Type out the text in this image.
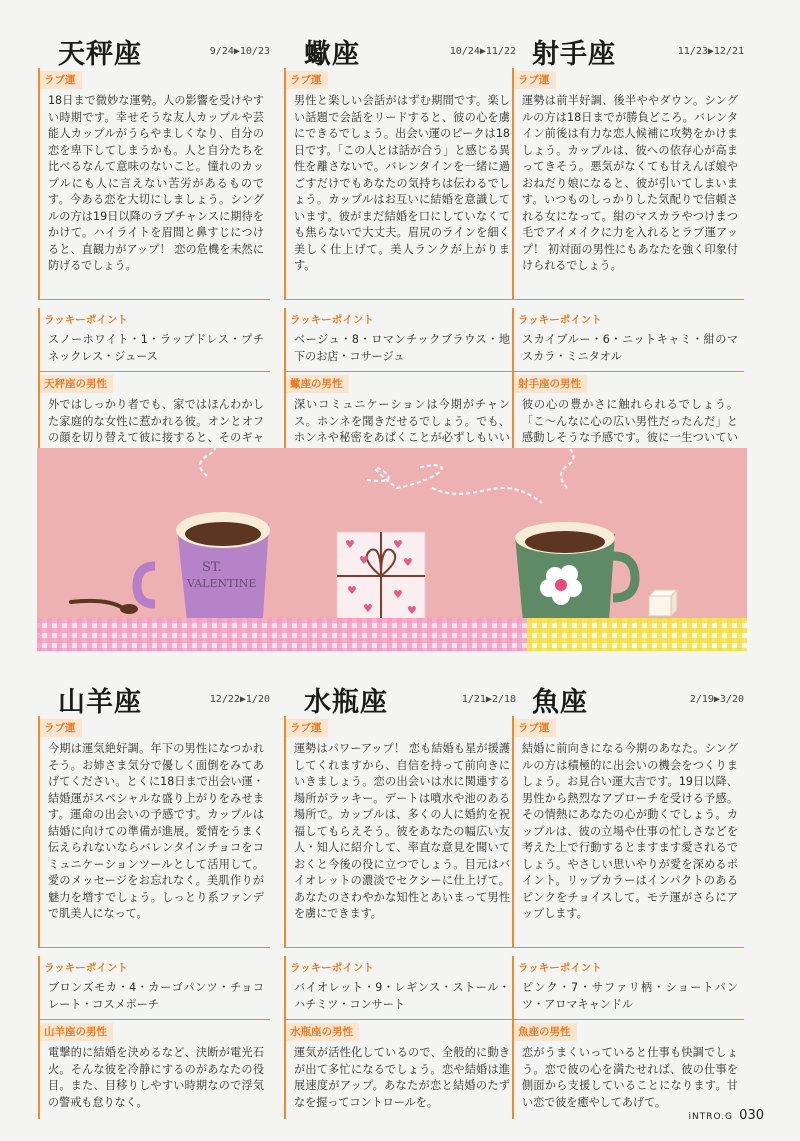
天秤座	9/24▶10/23
ラブ運
18日まで微妙な運勢。人の影響を受けやすい時期です。幸せそうな友人カップルや芸能人カップルがうらやましくなり、自分の恋を卑下してしまうかも。人と自分たちを比べるなんて意味のないこと。憧れのカップルにも人に言えない苦労があるものです。今ある恋を大切にしましょう。シングルの方は19日以降のラブチャンスに期待をかけて。ハイライトを眉間と鼻すじにつけると、直観力がアップ！ 恋の危機を未然に防げるでしょう。
ラッキーポイント
スノーホワイト・1・ラップドレス・プチネックレス・ジュース
天秤座の男性
外ではしっかり者でも、家ではほんわかした家庭的な女性に惹かれる彼。オンとオフの顔を切り替えて彼に接すると、そのギャ
蠍座	10/24▶11/22
ラブ運
男性と楽しい会話がはずむ期間です。楽しい話題で会話をリードすると、彼の心を虜にできるでしょう。出会い運のピークは18日です。「この人とは話が合う」と感じる異性を離さないで。バレンタインを一緒に過ごすだけでもあなたの気持ちは伝わるでしょう。カップルはお互いに結婚を意識しています。彼がまだ結婚を口にしていなくても焦らないで大丈夫。眉尻のラインを細く美しく仕上げて。美人ランクが上がります。
ラッキーポイント
ベージュ・8・ロマンチックブラウス・地下のお店・コサージュ
蠍座の男性
深いコミュニケーションは今期がチャンス。ホンネを聞きだせるでしょう。でも、ホンネや秘密をあばくことが必ずしもいい
射手座	11/23▶12/21
ラブ運
運勢は前半好調、後半ややダウン。シングルの方は18日までが勝負どころ。バレンタイン前後は有力な恋人候補に攻勢をかけましょう。カップルは、彼への依存心が高まってきそう。悪気がなくても甘えんぼ娘やおねだり娘になると、彼が引いてしまいます。いつものしっかりした気配りで信頼される女になって。紺のマスカラやつけまつ毛でアイメイクに力を入れるとラブ運アップ！ 初対面の男性にもあなたを強く印象付けられるでしょう。
ラッキーポイント
スカイブルー・6・ニットキャミ・紺のマスカラ・ミニタオル
射手座の男性
彼の心の豊かさに触れられるでしょう。「こ〜んなに心の広い男性だったんだ」と感動しそうな予感です。彼に一生ついてい
ST.
VALENTINE
♥	♥
♥	♥
♥	♥
♥	♥
山羊座	12/22▶1/20
ラブ運
今期は運気絶好調。年下の男性になつかれそう。お姉さま気分で優しく面倒をみてあげてください。とくに18日まで出会い運・結婚運がスペシャルな盛り上がりをみせます。運命の出会いの予感です。カップルは結婚に向けての準備が進展。愛情をうまく伝えられないならバレンタインチョコをコミュニケーションツールとして活用して。愛のメッセージをお忘れなく。美肌作りが魅力を増すでしょう。しっとり系ファンデで肌美人になって。
ラッキーポイント
ブロンズモカ・4・カーゴパンツ・チョコレート・コスメポーチ
山羊座の男性
電撃的に結婚を決めるなど、決断が電光石火。そんな彼を冷静にするのがあなたの役目。また、目移りしやすい時期なので浮気の警戒も怠りなく。
水瓶座	1/21▶2/18
ラブ運
運勢はパワーアップ！ 恋も結婚も星が援護してくれますから、自信を持って前向きにいきましょう。恋の出会いは水に関連する場所がラッキー。デートは噴水や池のある場所で。カップルは、多くの人に婚約を祝福してもらえそう。彼をあなたの幅広い友人・知人に紹介して、率直な意見を聞いておくと今後の役に立つでしょう。目元はバイオレットの濃淡でセクシーに仕上げて。あなたのさわやかな知性とあいまって男性を虜にできます。
ラッキーポイント
バイオレット・9・レギンス・ストール・ハチミツ・コンサート
水瓶座の男性
運気が活性化しているので、全般的に動きが出て多忙になるでしょう。恋や結婚は進展速度がアップ。あなたが恋と結婚のたずなを握ってコントロールを。
魚座	2/19▶3/20
ラブ運
結婚に前向きになる今期のあなた。シングルの方は積極的に出会いの機会をつくりましょう。お見合い運大吉です。19日以降、男性から熱烈なアプローチを受ける予感。その情熱にあなたの心が動くでしょう。カップルは、彼の立場や仕事の忙しさなどを考えた上で行動するとますます愛されるでしょう。やさしい思いやりが愛を深めるポイント。リップカラーはインパクトのあるピンクをチョイスして。モテ運がさらにアップします。
ラッキーポイント
ピンク・7・サファリ柄・ショートパンツ・アロマキャンドル
魚座の男性
恋がうまくいっていると仕事も快調でしょう。恋で彼の心を満たせれば、彼の仕事を側面から支援していることになります。甘い恋で彼を癒やしてあげて。
iNTRO.G 030
